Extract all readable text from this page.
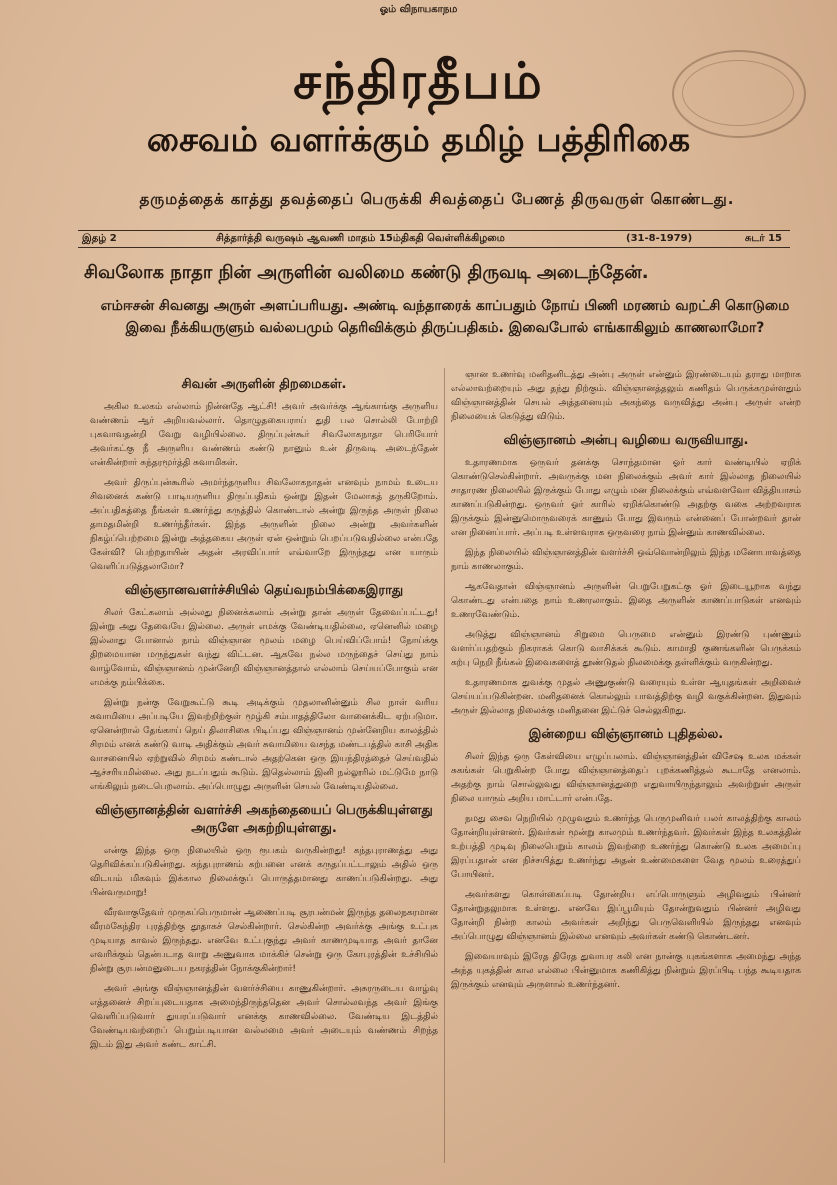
ஓம் விநாயகாநம
சந்திரதீபம்
சைவம் வளர்க்கும் தமிழ் பத்திரிகை
தருமத்தைக் காத்து தவத்தைப் பெருக்கி சிவத்தைப் பேணத் திருவருள் கொண்டது.
இதழ் 2	சித்தார்த்தி வருஷம் ஆவணி மாதம் 15ம்திகதி வெள்ளிக்கிழமை	(31-8-1979)	சுடர் 15
சிவலோக நாதா நின் அருளின் வலிமை கண்டு திருவடி அடைந்தேன்.
எம்ஈசன் சிவனது அருள் அளப்பரியது. அண்டி வந்தாரைக் காப்பதும் நோய் பிணி மரணம் வறட்சி கொடுமை இவை நீக்கியருளும் வல்லபமும் தெரிவிக்கும் திருப்பதிகம். இவைபோல் எங்காகிலும் காணலாமோ?
சிவன் அருளின் திறமைகள்.

அகில உலகம் எல்லாம் நின்னதே ஆட்சி! அவர் அவர்க்கு ஆங்காங்கு அருளிய வண்ணம் ஆர் அறியவல்லார். தொழுதகையராய் துதி பல சொல்லி போற்றி புகவாவதன்றி வேறு வழியில்லை. திருப்புன்கூர் சிவலோகநாதா பெரியோர் அவர்கட்கு நீ அருளிய வண்ணம் கண்டு நானும் உன் திருவடி அடைந்தேன் என்கின்றார் சுந்தரமூர்த்தி சுவாமிகள்.

அவர் திருப்புன்கூரில் அமர்ந்தருளிய சிவலோகநாதன் எனவும் நாமம் உடைய சிவனைக் கண்டு பாடியருளிய திருப்பதிகம் ஒன்று இதன் மேலாகத் தருகிறோம். அப்பதிகத்தை நீங்கள் உணர்ந்து கருத்தில் கொண்டால் அன்று இருந்த அருள் நிலை தாமதமின்றி உணர்ந்தீர்கள். இந்த அருளின் நிலை அன்று அவர்களின் நிகழ்ப்பெற்றமை இன்று அத்தகைய அருள் ஏன் ஒன்றும் பெறப்படுவதில்லை என்பதே கேள்வி? பெற்றதாயின் அதன் அரவிப்பார் எவ்வாறே இருந்தது என யாரும் வெளிப்படுத்தலாமோ?

விஞ்ஞானவளர்ச்சியில் தெய்வநம்பிக்கைஇராது

சிலர் கேட்கலாம் அல்லது நினைக்கலாம் அன்று தான் அருள் தேவைப்பட்டது! இன்று அது தேவையே இல்லை. அருள் எமக்கு வேண்டியதில்லை, ஏனெனில் மழை இல்லாது போனால் நாம் விஞ்ஞான மூலம் மழை பெய்விப்போம்! நோய்க்கு திறமையான மருந்துகள் வந்து விட்டன. ஆகவே நல்ல மருந்தைச் செய்து நாம் வாழ்வோம், விஞ்ஞானம் முன்னேறி விஞ்ஞானத்தால் எல்லாம் செய்யப்போகும் என எமக்கு நம்பிக்கை.

இன்று நன்கு வேறுகூட்டு கூடி அடிக்கும் முதலானின்னும் சில நாள் வரிய சுவாமியை அப்படியே இவற்றிற்குள் மூழ்கி சம்பாதத்திலோ வானைக்கிட ஏற்படுமா. ஏனென்றால் தேங்காய் நெய் திலாசிகை பிடிப்பது விஞ்ஞானம் முன்னேறிய காலத்தில் சிரமம் எனக் கண்டு வாடி அதிக்கும் அவர் சுவாமியை வசந்த மண்டபத்தில் காசி அதிக வாசனையில் ஏற்றுவில் சிரமம் கண்டால் அதற்கென ஒரு இயந்திரத்தைச் செய்வதில் ஆச்சரியமில்லை. அது நடப்பதும் கூடும். இதெல்லாம் இனி நல்லூரில் மட்டுமே நாடு எங்கிலும் நடைபெறலாம். அப்பொழுது அருளின் செயல் வேண்டியதில்லை.

விஞ்ஞானத்தின் வளர்ச்சி அகந்தையைப் பெருக்கியுள்ளது அருளே அகற்றியுள்ளது.

என்கு இந்த ஒரு நிலையில் ஒரு ரூபகம் வருகின்றது! கந்தபுராணத்து அது தெரிவிக்கப்படுகின்றது. கந்தபுராணம் கற்பனை எனக் கருதப்பட்டாலும் அதில் ஒரு விடயம் மிகவும் இக்கால நிலைக்குப் பொருத்தமானது காணப்படுகின்றது. அது பின்வருமாறு!

வீரவாகுதேவர் முருகப்பெருமான் ஆணைப்படி சூரபன்மன் இருந்த தலைநகரமான வீரமகேந்திர புரத்திற்கு தூதாகச் செல்கின்றார். செல்கின்ற அவர்க்கு அங்கு உட்புக முடியாத காவல் இருந்தது. எனவே உட்புகுந்து அவர் காணமுடியாத அவர் தானே எவரிக்கும் தென்படாத வாறு அணுவாக மாக்கிச் சென்று ஒரு கோபுரத்தின் உச்சியில் நின்று சூரபன்மனுடைய நகரத்தின் நோக்குகின்றார்!

அவர் அங்கு விஞ்ஞானத்தின் வளர்ச்சியை காணுகின்றார். அசுரருடைய வாழ்வு எத்தனைச் சிறப்புடையதாக அமைந்திருந்ததென அவர் சொல்லவந்த அவர் இங்கு வெளிப்படுவார் துயரப்படுவார் எனக்கு காணவில்லை. வேண்டிய இடத்தில் வேண்டியவற்றைப் பெறும்படியான வல்லமை அவர் அடையும் வண்ணம் சிறந்த இடம் இது அவர் கண்ட காட்சி.

ஞான உணர்வு மனிதனிடத்து அன்பு அருள் என்னும் இரண்டையும் தராது மாறாக எல்லாவற்றையும் அது தந்து நிற்கும். விஞ்ஞானத்தலும் கணிதம் பெருக்கமுள்ளதும் விஞ்ஞானத்தின் செயல் அத்தனையும் அகந்தை வருவித்து அன்பு அருள் என்ற நிலையைக் கெடுத்து விடும்.

விஞ்ஞானம் அன்பு வழியை வருவியாது.

உதாரணமாக ஒருவர் தனக்கு சொந்தமான ஓர் கார் வண்டியில் ஏறிக் கொண்டுசெல்கின்றார். அவருக்கு மன நிலைக்கும் அவர் கார் இல்லாத நிலையில் சாதாரண நிலையில் இருக்கும் போது எழும் மன நிலைக்கும் எவ்வளவோ வித்தியாசம் காணப்படுகின்றது. ஒருவர் ஓர் காரில் ஏறிக்கொண்டு அதற்கு வகை அற்றவராக இருக்கும் இன்னுமொருவரைக் காணும் போது இவரும் என்னைப் போன்றவர் தான் என நினைப்பார். அப்படி உள்ளவராக ஒருவரை நாம் இன்னும் காணவில்லை.

இந்த நிலையில் விஞ்ஞானத்தின் வளர்ச்சி ஒவ்வொன்றிலும் இந்த மனோபாவத்தை நாம் காணலாகும்.

ஆகவேதான் விஞ்ஞானம் அருளின் பெறுபேறுகட்கு ஓர் இடையூறாக வந்து கொண்டது என்பதை நாம் உணரலாகும். இதை அருளின் காணப்பாடுகள் எனவும் உணரவேண்டும்.

அடுத்து விஞ்ஞானம் சிறுமை பெருமை என்னும் இரண்டு புண்ணும் வளர்ப்பதற்கும் நிகராகக் கொடு வாசிக்கக் கூடும். காமாதி குணங்களின் பெருக்கம் கற்பு நெறி நீங்கல் இவைகளைத் தூண்டுதல் நிலமைக்கு தள்ளிக்கும் வருகின்றது.

உதாரணமாக துவக்கு முதல் அணுகுண்டு வரையும் உள்ள ஆயுதங்கள் அறிவைச் செய்யப்படுகின்றன. மனிதனைக் கொல்லும் பாவத்திற்கு வழி வகுக்கின்றன. இதுவும் அருள் இல்லாத நிலைக்கு மனிதனை இட்டுச் செல்லுகிறது.

இன்றைய விஞ்ஞானம் புதிதல்ல.

சிலர் இந்த ஒரு கேள்வியை எழுப்பலாம். விஞ்ஞானத்தின் விசேஷ உலக மக்கள் சுகங்கள் பெறுகின்ற போது விஞ்ஞானத்தைப் புறக்கணித்தல் கூடாதே எனலாம். அதற்கு நாம் சொல்லுவது விஞ்ஞானத்துறை எதுவாயிருந்தாலும் அவற்றுள் அருள் நிலை யாரும் அறிய மாட்டார் என்பதே.

நமது சைவ நெறியில் முழுவதும் உணர்ந்த பெருமுனிவர் பலர் காலத்திற்கு காலம் தோன்றியுள்ளனர். இவர்கள் மூன்று காலமும் உணர்ந்தவர். இவர்கள் இந்த உலகத்தின் உற்பத்தி முடிவு நிலைபெறும் காலம் இவற்றை உணர்ந்து கொண்டு உலக அமைப்பு இரப்பதான் என நிச்சயித்து உணர்ந்து அதன் உண்மைகளை வேத மூலம் உரைத்துப் போயினர்.

அவர்களது கொள்கைப்படி தோன்றிய எப்பொருளும் அழிவதும் பின்னர் தோன்றுதலுமாக உள்ளது. எனவே இப்பூமியும் தோன்றுவதும் பின்னர் அழிவது தோன்றி நின்ற காலம் அவர்கள் அறிந்து பெருவெளியில் இருந்தது எனவும் அப்பொழுது விஞ்ஞானம் இல்லை எனவும் அவர்கள் கண்டு கொண்டனர்.

இவையாவும் இரேத திரேத துவாபர கலி என நான்கு யுகங்களாக அமைந்து அந்த அந்த யுகத்தின் கால எல்லை பின்னுமாக கணிகித்து நின்றும் இரப்பிடி பந்த கூடியதாக இருக்கும் எனவும் அருளால் உணர்ந்தனர்.
